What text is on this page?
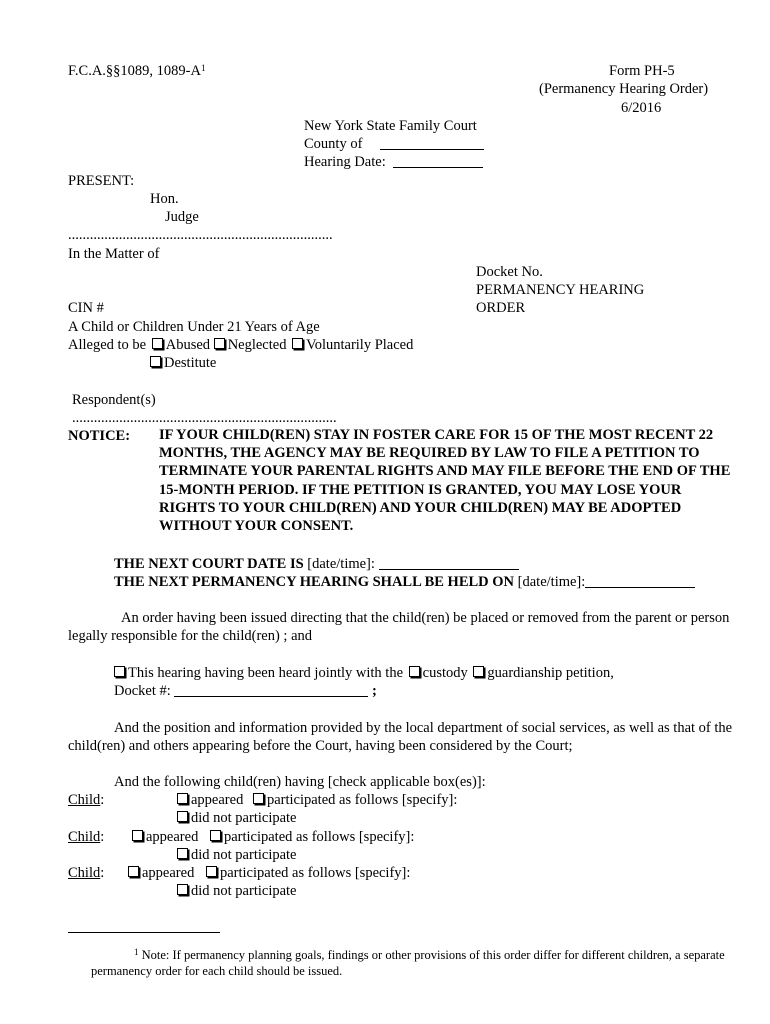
F.C.A.§§1089, $1089-A^1$	Form PH-5
(Permanency Hearing Order)
6/2016
New York State Family Court
County of
Hearing Date:
PRESENT:
Hon.
Judge
.........................................................................
In the Matter of
Docket No.
PERMANENCY HEARING
ORDER
CIN #
A Child or Children Under 21 Years of Age
Alleged to be Abused Neglected Voluntarily Placed
Destitute
Respondent(s)
.........................................................................
NOTICE: IF YOUR CHILD(REN) STAY IN FOSTER CARE FOR 15 OF THE MOST RECENT 22 MONTHS, THE AGENCY MAY BE REQUIRED BY LAW TO FILE A PETITION TO TERMINATE YOUR PARENTAL RIGHTS AND MAY FILE BEFORE THE END OF THE 15-MONTH PERIOD. IF THE PETITION IS GRANTED, YOU MAY LOSE YOUR RIGHTS TO YOUR CHILD(REN) AND YOUR CHILD(REN) MAY BE ADOPTED WITHOUT YOUR CONSENT.
THE NEXT COURT DATE IS [date/time]:
THE NEXT PERMANENCY HEARING SHALL BE HELD ON [date/time]:
An order having been issued directing that the child(ren) be placed or removed from the parent or person legally responsible for the child(ren) ; and
This hearing having been heard jointly with the custody guardianship petition,
Docket #:	;
And the position and information provided by the local department of social services, as well as that of the child(ren) and others appearing before the Court, having been considered by the Court;
And the following child(ren) having [check applicable box(es)]:
Child:	appeared participated as follows [specify]:
did not participate
Child:	appeared participated as follows [specify]:
did not participate
Child:	appeared participated as follows [specify]:
did not participate
$^1$ Note: If permanency planning goals, findings or other provisions of this order differ for different children, a separate
permanency order for each child should be issued.
